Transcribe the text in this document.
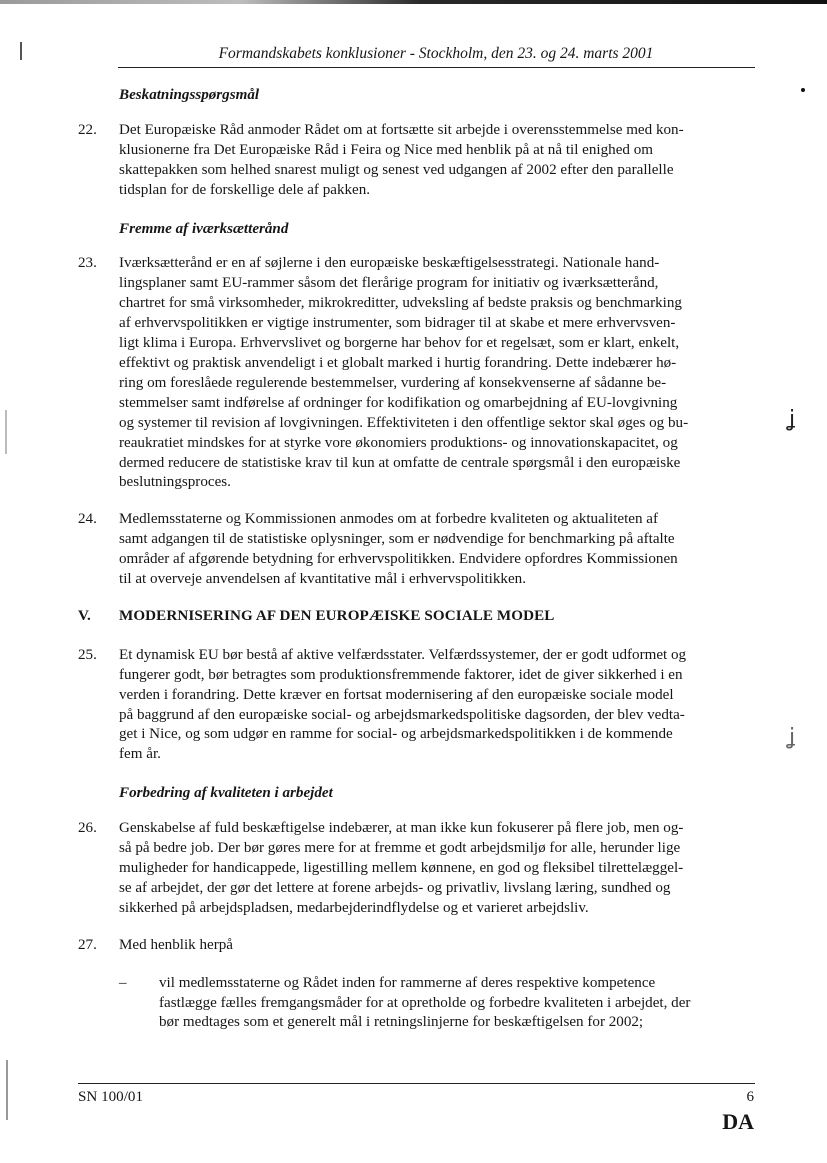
Formandskabets konklusioner - Stockholm, den 23. og 24. marts 2001
Beskatningsspørgsmål
22.	Det Europæiske Råd anmoder Rådet om at fortsætte sit arbejde i overensstemmelse med kon-
klusionerne fra Det Europæiske Råd i Feira og Nice med henblik på at nå til enighed om
skattepakken som helhed snarest muligt og senest ved udgangen af 2002 efter den parallelle
tidsplan for de forskellige dele af pakken.
Fremme af iværksætterånd
23.	Iværksætterånd er en af søjlerne i den europæiske beskæftigelsesstrategi. Nationale hand-
lingsplaner samt EU-rammer såsom det flerårige program for initiativ og iværksætterånd,
chartret for små virksomheder, mikrokreditter, udveksling af bedste praksis og benchmarking
af erhvervspolitikken er vigtige instrumenter, som bidrager til at skabe et mere erhvervsven-
ligt klima i Europa. Erhvervslivet og borgerne har behov for et regelsæt, som er klart, enkelt,
effektivt og praktisk anvendeligt i et globalt marked i hurtig forandring. Dette indebærer hø-
ring om foreslåede regulerende bestemmelser, vurdering af konsekvenserne af sådanne be-
stemmelser samt indførelse af ordninger for kodifikation og omarbejdning af EU-lovgivning
og systemer til revision af lovgivningen. Effektiviteten i den offentlige sektor skal øges og bu-
reaukratiet mindskes for at styrke vore økonomiers produktions- og innovationskapacitet, og
dermed reducere de statistiske krav til kun at omfatte de centrale spørgsmål i den europæiske
beslutningsproces.
24.	Medlemsstaterne og Kommissionen anmodes om at forbedre kvaliteten og aktualiteten af
samt adgangen til de statistiske oplysninger, som er nødvendige for benchmarking på aftalte
områder af afgørende betydning for erhvervspolitikken. Endvidere opfordres Kommissionen
til at overveje anvendelsen af kvantitative mål i erhvervspolitikken.
V.	MODERNISERING AF DEN EUROPÆISKE SOCIALE MODEL
25.	Et dynamisk EU bør bestå af aktive velfærdsstater. Velfærdssystemer, der er godt udformet og
fungerer godt, bør betragtes som produktionsfremmende faktorer, idet de giver sikkerhed i en
verden i forandring. Dette kræver en fortsat modernisering af den europæiske sociale model
på baggrund af den europæiske social- og arbejdsmarkedspolitiske dagsorden, der blev vedta-
get i Nice, og som udgør en ramme for social- og arbejdsmarkedspolitikken i de kommende
fem år.
Forbedring af kvaliteten i arbejdet
26.	Genskabelse af fuld beskæftigelse indebærer, at man ikke kun fokuserer på flere job, men og-
så på bedre job. Der bør gøres mere for at fremme et godt arbejdsmiljø for alle, herunder lige
muligheder for handicappede, ligestilling mellem kønnene, en god og fleksibel tilrettelæggel-
se af arbejdet, der gør det lettere at forene arbejds- og privatliv, livslang læring, sundhed og
sikkerhed på arbejdspladsen, medarbejderindflydelse og et varieret arbejdsliv.
27.	Med henblik herpå
–	vil medlemsstaterne og Rådet inden for rammerne af deres respektive kompetence
fastlægge fælles fremgangsmåder for at opretholde og forbedre kvaliteten i arbejdet, der
bør medtages som et generelt mål i retningslinjerne for beskæftigelsen for 2002;
SN 100/01	6
DA
ʝ
ʝ
